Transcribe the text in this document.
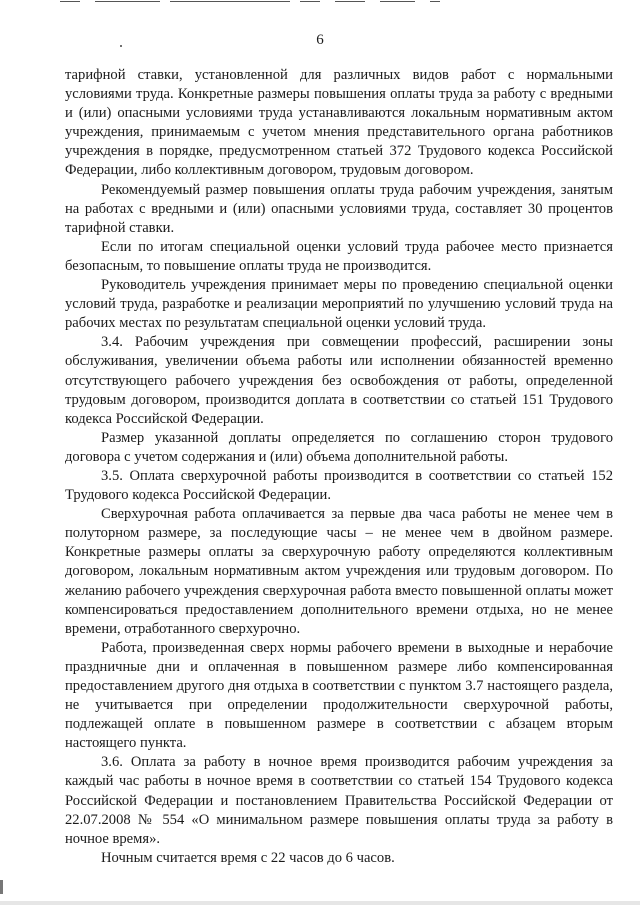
6

тарифной ставки, установленной для различных видов работ с нормальными условиями труда. Конкретные размеры повышения оплаты труда за работу с вредными и (или) опасными условиями труда устанавливаются локальным нормативным актом учреждения, принимаемым с учетом мнения представительного органа работников учреждения в порядке, предусмотренном статьей 372 Трудового кодекса Российской Федерации, либо коллективным договором, трудовым договором.

Рекомендуемый размер повышения оплаты труда рабочим учреждения, занятым на работах с вредными и (или) опасными условиями труда, составляет 30 процентов тарифной ставки.

Если по итогам специальной оценки условий труда рабочее место признается безопасным, то повышение оплаты труда не производится.

Руководитель учреждения принимает меры по проведению специальной оценки условий труда, разработке и реализации мероприятий по улучшению условий труда на рабочих местах по результатам специальной оценки условий труда.

3.4. Рабочим учреждения при совмещении профессий, расширении зоны обслуживания, увеличении объема работы или исполнении обязанностей временно отсутствующего рабочего учреждения без освобождения от работы, определенной трудовым договором, производится доплата в соответствии со статьей 151 Трудового кодекса Российской Федерации.

Размер указанной доплаты определяется по соглашению сторон трудового договора с учетом содержания и (или) объема дополнительной работы.

3.5. Оплата сверхурочной работы производится в соответствии со статьей 152 Трудового кодекса Российской Федерации.

Сверхурочная работа оплачивается за первые два часа работы не менее чем в полуторном размере, за последующие часы – не менее чем в двойном размере. Конкретные размеры оплаты за сверхурочную работу определяются коллективным договором, локальным нормативным актом учреждения или трудовым договором. По желанию рабочего учреждения сверхурочная работа вместо повышенной оплаты может компенсироваться предоставлением дополнительного времени отдыха, но не менее времени, отработанного сверхурочно.

Работа, произведенная сверх нормы рабочего времени в выходные и нерабочие праздничные дни и оплаченная в повышенном размере либо компенсированная предоставлением другого дня отдыха в соответствии с пунктом 3.7 настоящего раздела, не учитывается при определении продолжительности сверхурочной работы, подлежащей оплате в повышенном размере в соответствии с абзацем вторым настоящего пункта.

3.6. Оплата за работу в ночное время производится рабочим учреждения за каждый час работы в ночное время в соответствии со статьей 154 Трудового кодекса Российской Федерации и постановлением Правительства Российской Федерации от 22.07.2008 № 554 «О минимальном размере повышения оплаты труда за работу в ночное время».

Ночным считается время с 22 часов до 6 часов.
